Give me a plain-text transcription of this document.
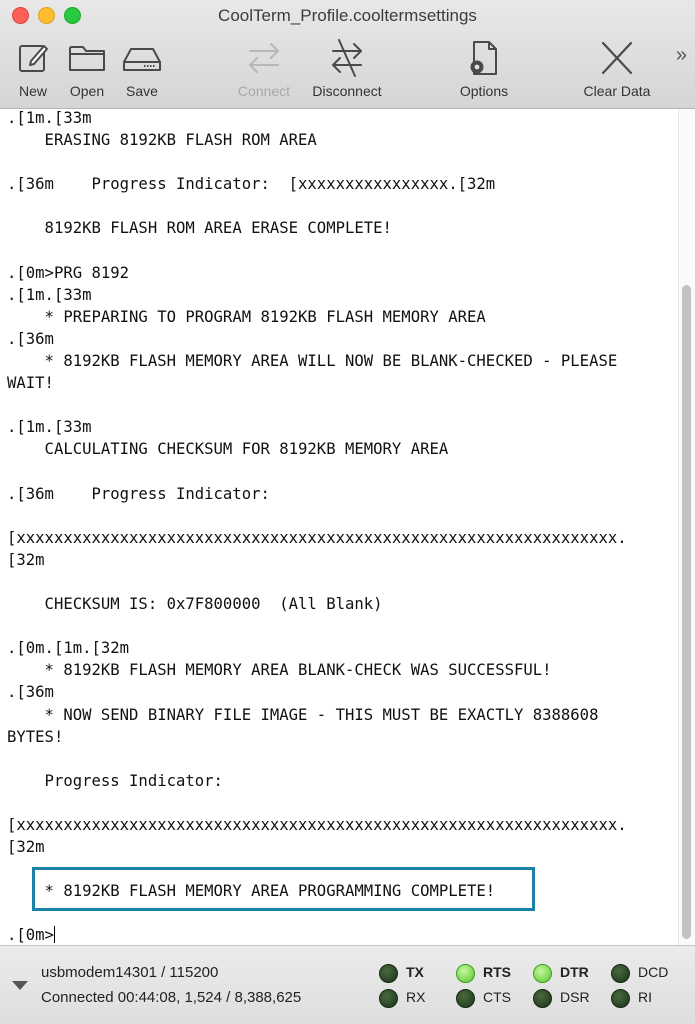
CoolTerm_Profile.cooltermsettings
New	Open	Save	Connect	Disconnect	Options	Clear Data
»
.[1m.[33m
ERASING 8192KB FLASH ROM AREA
.[36m    Progress Indicator:  [xxxxxxxxxxxxxxxx.[32m
8192KB FLASH ROM AREA ERASE COMPLETE!
.[0m>PRG 8192
.[1m.[33m
* PREPARING TO PROGRAM 8192KB FLASH MEMORY AREA
.[36m
* 8192KB FLASH MEMORY AREA WILL NOW BE BLANK-CHECKED - PLEASE
WAIT!
.[1m.[33m
CALCULATING CHECKSUM FOR 8192KB MEMORY AREA
.[36m    Progress Indicator:
[xxxxxxxxxxxxxxxxxxxxxxxxxxxxxxxxxxxxxxxxxxxxxxxxxxxxxxxxxxxxxxxx.
[32m
CHECKSUM IS: 0x7F800000  (All Blank)
.[0m.[1m.[32m
* 8192KB FLASH MEMORY AREA BLANK-CHECK WAS SUCCESSFUL!
.[36m
* NOW SEND BINARY FILE IMAGE - THIS MUST BE EXACTLY 8388608
BYTES!
Progress Indicator:
[xxxxxxxxxxxxxxxxxxxxxxxxxxxxxxxxxxxxxxxxxxxxxxxxxxxxxxxxxxxxxxxx.
[32m
* 8192KB FLASH MEMORY AREA PROGRAMMING COMPLETE!
.[0m>
usbmodem14301 / 115200
Connected 00:44:08, 1,524 / 8,388,625
TX	RTS	DTR	DCD
RX	CTS	DSR	RI
